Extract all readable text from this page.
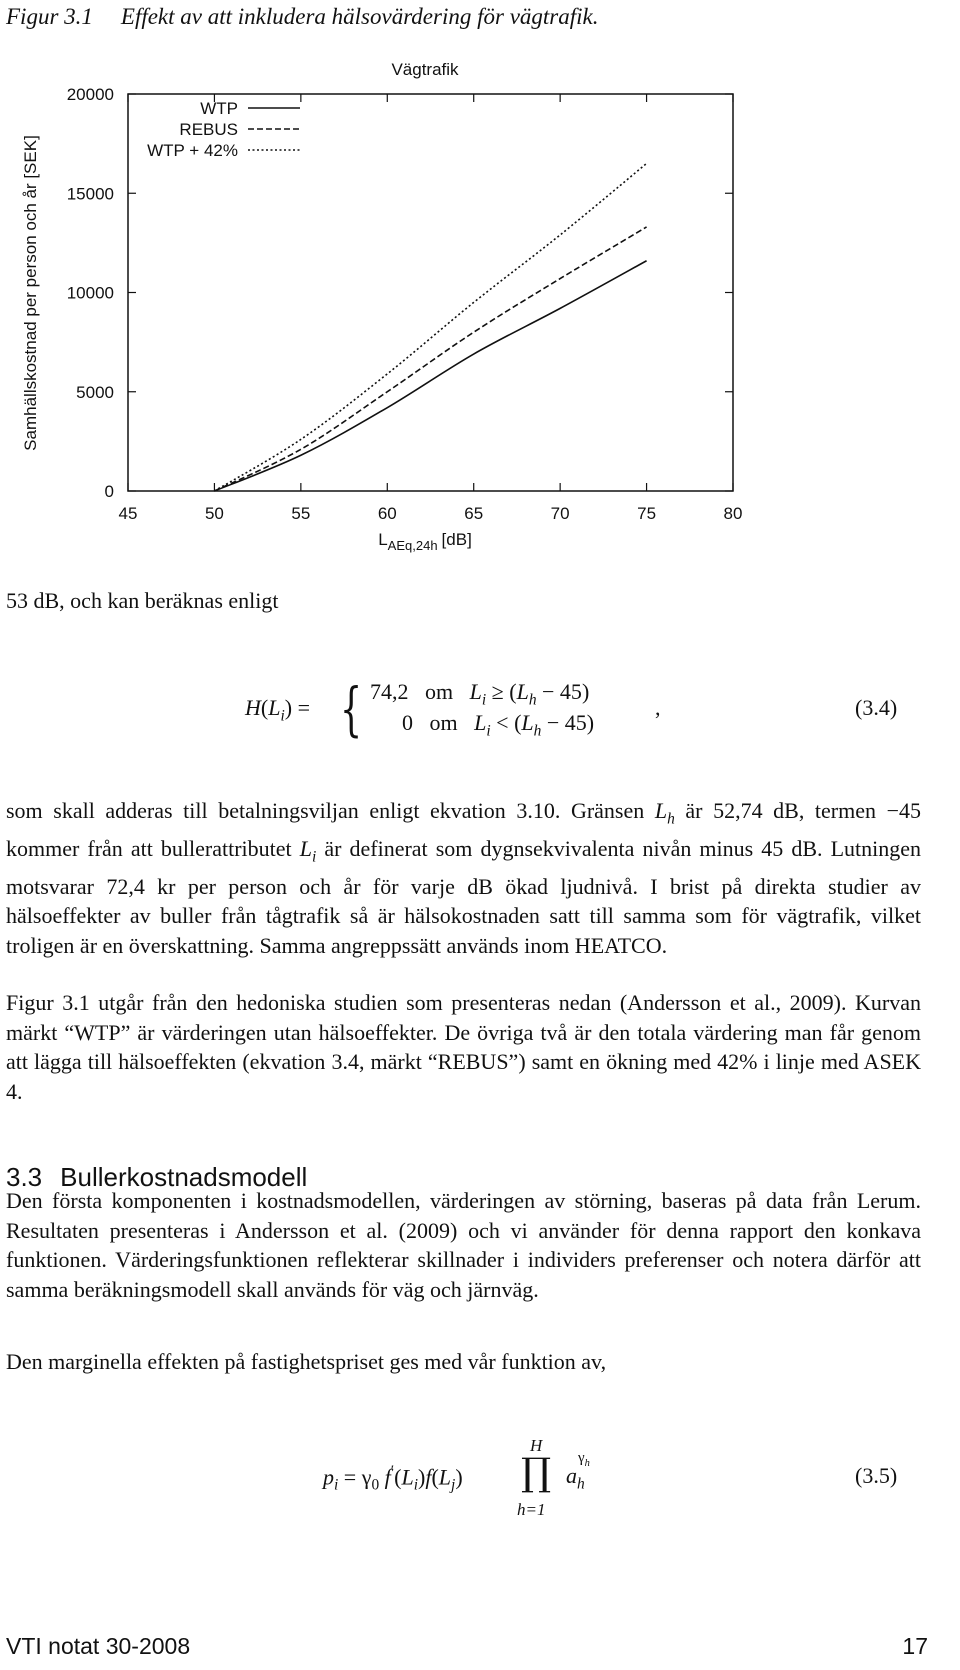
Figur 3.1 Effekt av att inkludera hälsovärdering för vägtrafik.
Vägtrafik
Samhällskostnad per person och år [SEK]
$L_{AEq,24h}$ [dB]
45	50	55	60	65	70	75	80
0
5000
10000
15000
20000
WTP
REBUS
WTP + 42%

53 dB, och kan beräknas enligt

$H(L_i)$ = { 74,2 om $L_i \ge (L_h - 45)$
0 om $L_i < (L_h - 45)$
,	(3.4)

som skall adderas till betalningsviljan enligt ekvation 3.10. Gränsen $L_h$ är 52,74 dB, termen −45 kommer från att bullerattributet $L_i$ är definerat som dygnsekvivalenta nivån minus 45 dB. Lutningen motsvarar 72,4 kr per person och år för varje dB ökad ljudnivå. I brist på direkta studier av hälsoeffekter av buller från tågtrafik så är hälsokostnaden satt till samma som för vägtrafik, vilket troligen är en överskattning. Samma angreppssätt används inom HEATCO.

Figur 3.1 utgår från den hedoniska studien som presenteras nedan (Andersson et al., 2009). Kurvan märkt “WTP” är värderingen utan hälsoeffekter. De övriga två är den totala värdering man får genom att lägga till hälsoeffekten (ekvation 3.4, märkt “REBUS”) samt en ökning med 42% i linje med ASEK 4.

3.3 Bullerkostnadsmodell

Den första komponenten i kostnadsmodellen, värderingen av störning, baseras på data från Lerum. Resultaten presenteras i Andersson et al. (2009) och vi använder för denna rapport den konkava funktionen. Värderingsfunktionen reflekterar skillnader i individers preferenser och notera därför att samma beräkningsmodell skall används för väg och järnväg.

Den marginella effekten på fastighetspriset ges med vår funktion av,

$p_i = \gamma_0$ $f'(L_i)f(L_j)$
H
∏
h=1
$a_h$
$\gamma_h$	(3.5)
VTI notat 30-2008	17
